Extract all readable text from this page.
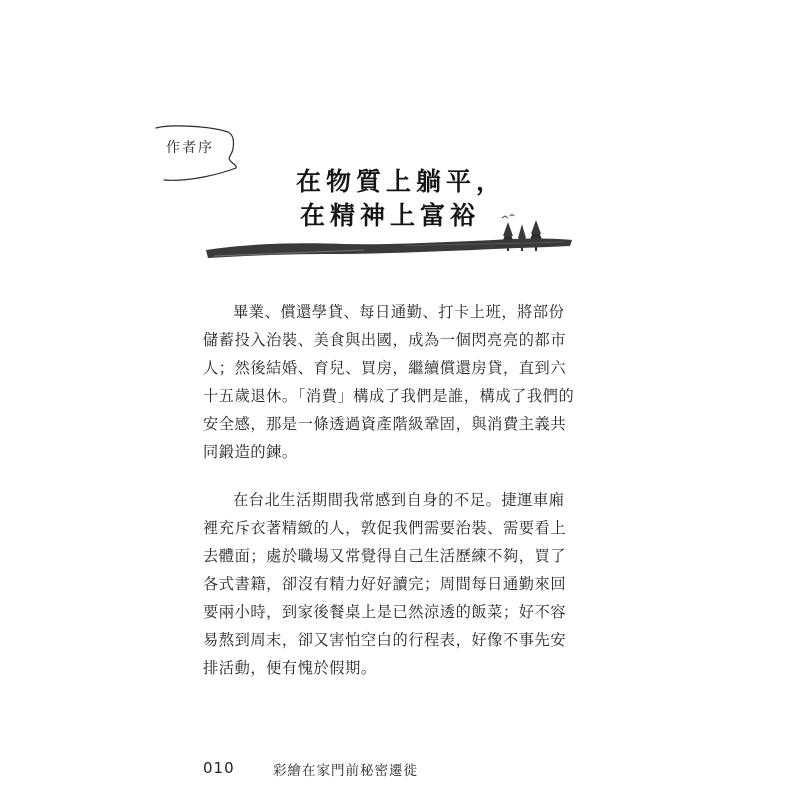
作者序
在物質上躺平，
在精神上富裕

畢業、償還學貸、每日通勤、打卡上班，將部份儲蓄投入治裝、美食與出國，成為一個閃亮亮的都市人；然後結婚、育兒、買房，繼續償還房貸，直到六十五歲退休。「消費」構成了我們是誰，構成了我們的安全感，那是一條透過資產階級鞏固，與消費主義共同鍛造的鍊。

在台北生活期間我常感到自身的不足。捷運車廂裡充斥衣著精緻的人，敦促我們需要治裝、需要看上去體面；處於職場又常覺得自己生活歷練不夠，買了各式書籍，卻沒有精力好好讀完；周間每日通勤來回要兩小時，到家後餐桌上是已然涼透的飯菜；好不容易熬到周末，卻又害怕空白的行程表，好像不事先安排活動，便有愧於假期。

010	彩繪在家門前秘密遷徙
